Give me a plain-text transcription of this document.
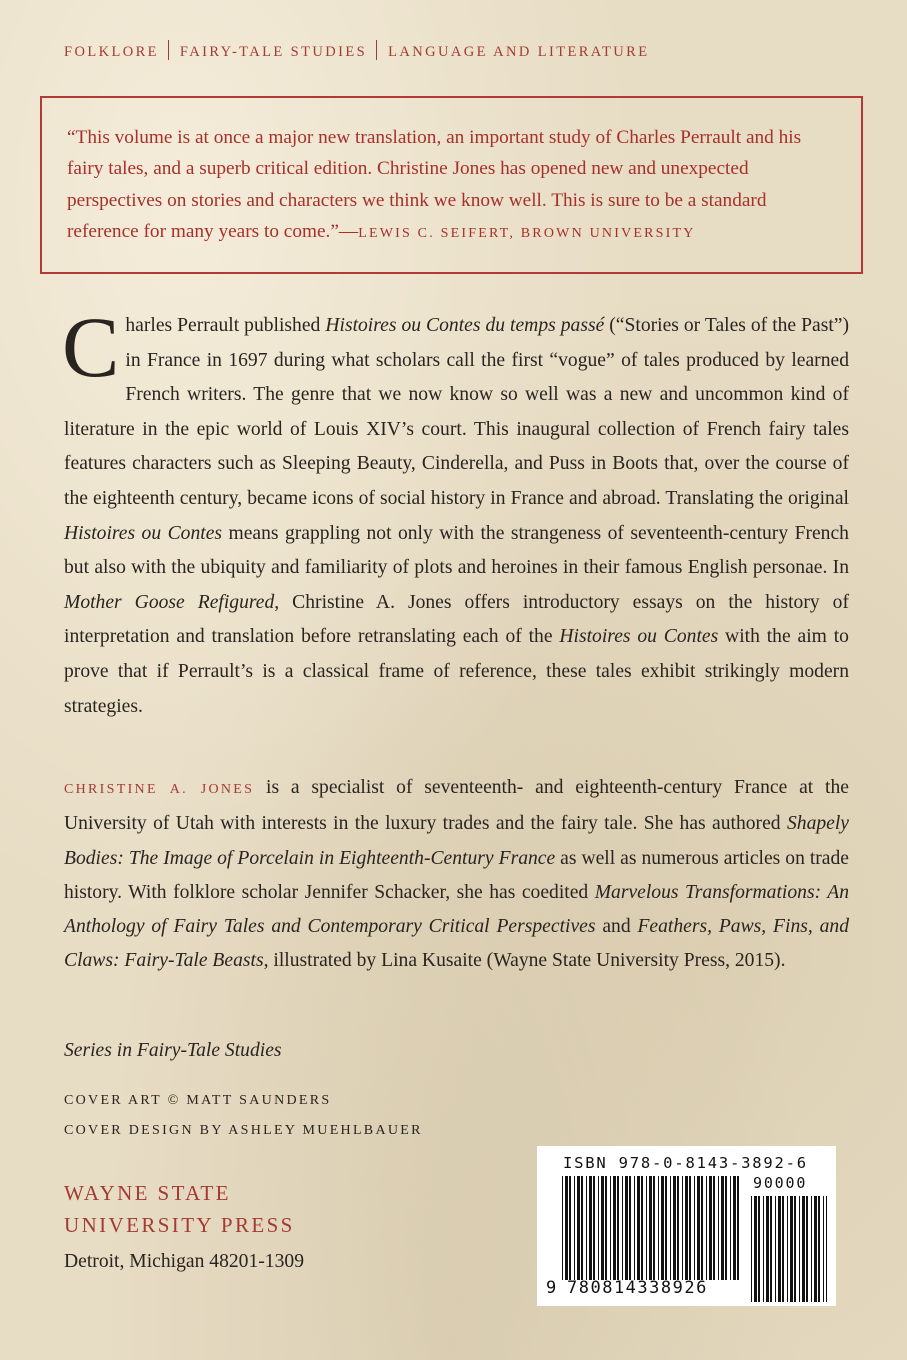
FOLKLORE FAIRY-TALE STUDIES LANGUAGE AND LITERATURE

“This volume is at once a major new translation, an important study of Charles Perrault and his fairy tales, and a superb critical edition. Christine Jones has opened new and unexpected perspectives on stories and characters we think we know well. This is sure to be a standard reference for many years to come.”—LEWIS C. SEIFERT, BROWN UNIVERSITY

Charles Perrault published Histoires ou Contes du temps passé (“Stories or Tales of the Past”) in France in 1697 during what scholars call the first “vogue” of tales produced by learned French writers. The genre that we now know so well was a new and uncommon kind of literature in the epic world of Louis XIV’s court. This inaugural collection of French fairy tales features characters such as Sleeping Beauty, Cinderella, and Puss in Boots that, over the course of the eighteenth century, became icons of social history in France and abroad. Translating the original Histoires ou Contes means grappling not only with the strangeness of seventeenth-century French but also with the ubiquity and familiarity of plots and heroines in their famous English personae. In Mother Goose Refigured, Christine A. Jones offers introductory essays on the history of interpretation and translation before retranslating each of the Histoires ou Contes with the aim to prove that if Perrault’s is a classical frame of reference, these tales exhibit strikingly modern strategies.

CHRISTINE A. JONES is a specialist of seventeenth- and eighteenth-century France at the University of Utah with interests in the luxury trades and the fairy tale. She has authored Shapely Bodies: The Image of Porcelain in Eighteenth-Century France as well as numerous articles on trade history. With folklore scholar Jennifer Schacker, she has coedited Marvelous Transformations: An Anthology of Fairy Tales and Contemporary Critical Perspectives and Feathers, Paws, Fins, and Claws: Fairy-Tale Beasts, illustrated by Lina Kusaite (Wayne State University Press, 2015).

Series in Fairy-Tale Studies
COVER ART © MATT SAUNDERS
COVER DESIGN BY ASHLEY MUEHLBAUER
WAYNE STATE
UNIVERSITY PRESS
Detroit, Michigan 48201-1309
ISBN 978-0-8143-3892-6
90000
9 780814338926
